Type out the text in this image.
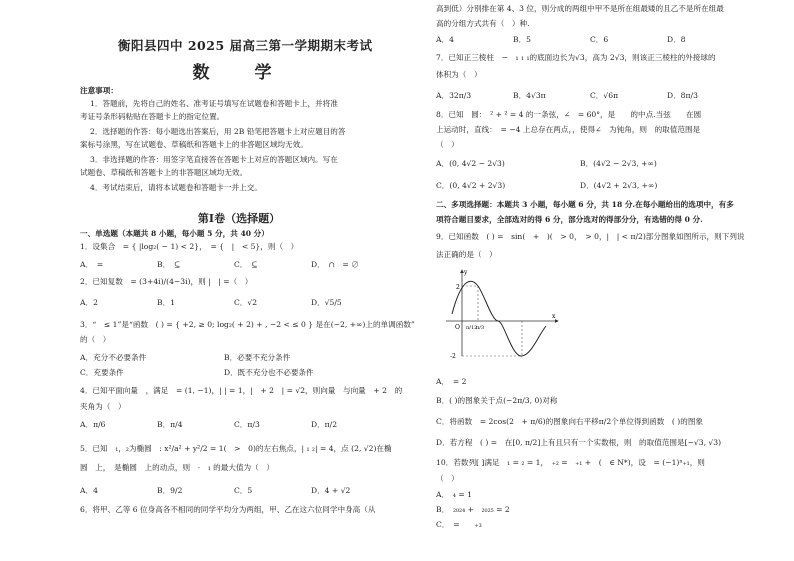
衡阳县四中 2025 届高三第一学期期末考试
数　学
注意事项：
1．答题前，先将自己的姓名、准考证号填写在试题卷和答题卡上，并将准
考证号条形码粘贴在答题卡上的指定位置。
2．选择题的作答：每小题选出答案后，用 2B 铅笔把答题卡上对应题目的答
案标号涂黑，写在试题卷、草稿纸和答题卡上的非答题区域均无效。
3．非选择题的作答：用签字笔直接答在答题卡上对应的答题区域内。写在
试题卷、草稿纸和答题卡上的非答题区域均无效。
4．考试结束后，请将本试题卷和答题卡一并上交。
第Ⅰ卷（选择题）
一、单选题（本题共 8 小题，每小题 5 分，共 40 分）
1．设集合　= { |log₂( − 1) < 2}，　= {　|　< 5}，则（　）
A．　=	B．　⊆	C．　⊆	D．　∩　= ∅
2．已知复数　= (3+4i)/(4−3i)，则 |　| =（　）
A．2	B．1	C．√2	D．√5/5
3．“　≤ 1”是“函数　( ) = { +2, ≥ 0; log₂( + 2) + , −2 < ≤ 0 } 是在(−2, +∞)上的单调函数”
的（　）
A．充分不必要条件	B．必要不充分条件
C．充要条件	D．既不充分也不必要条件
4．已知平面向量　，满足　= (1, −1)，| | = 1，|　+ 2　| = √2，则向量　与向量　+ 2　的
夹角为（　）
A．π/6	B．π/4	C．π/3	D．π/2
5．已知　₁，₂为椭圆　: x²/a² + y²/2 = 1(　>　0)的左右焦点，| ₁ ₂| = 4，点 (2, √2)在椭
圆　上，　是椭圆　上的动点，则　·　₁ 的最大值为（　）
A．4	B．9/2	C．5	D．4 + √2
6．将甲、乙等 6 位身高各不相同的同学平均分为两组，甲、乙在这六位同学中身高（从
高到低）分别排在第 4、3 位，则分成的两组中甲不是所在组最矮的且乙不是所在组最
高的分组方式共有（　）种.
A．4	B．5	C．6	D．8
7．已知正三棱柱　−　₁ ₁ ₁的底面边长为√3，高为 2√3，则该正三棱柱的外接球的
体积为（　）
A．32π/3	B．4√3π	C．√6π	D．8π/3
8．已知　圆：　² + ² = 4 的一条弦，∠　= 60°，是　　的中点.当弦　　在圆
上运动时，直线：　= −4 上总存在两点，，使得∠　为钝角，则　的取值范围是
（　）
A．(0, 4√2 − 2√3)	B．(4√2 − 2√3, +∞)
C．(0, 4√2 + 2√3)	D．(4√2 + 2√3, +∞)
二、多项选择题：本题共 3 小题，每小题 6 分，共 18 分.在每小题给出的选项中，有多
项符合题目要求，全部选对的得 6 分，部分选对的得部分分，有选错的得 0 分.
9．已知函数　( ) =　sin(　+　)(　> 0，　> 0，|　| < π/2)部分图象如图所示，则下列说
法正确的是（　）
2
-2
O π/12
π/3
x
y
A．　= 2
B．( )的图象关于点(−2π/3, 0)对称
C．将函数　= 2cos(2　+ π/6)的图象向右平移π/2个单位得到函数　( )的图象
D．若方程　( ) =　在[0, π/2]上有且只有一个实数根，则　的取值范围是[−√3, √3)
10．若数列[ ]满足　₁ = ₂ = 1，　₊₂ =　₊₁ +　(　∈ N*)，设　= (−1)ⁿ₊₁，则
（　）
A．　₄ = 1
B．　₂₀₂₄ +　₂₀₂₅ = 2
C．　=　　₊₃
